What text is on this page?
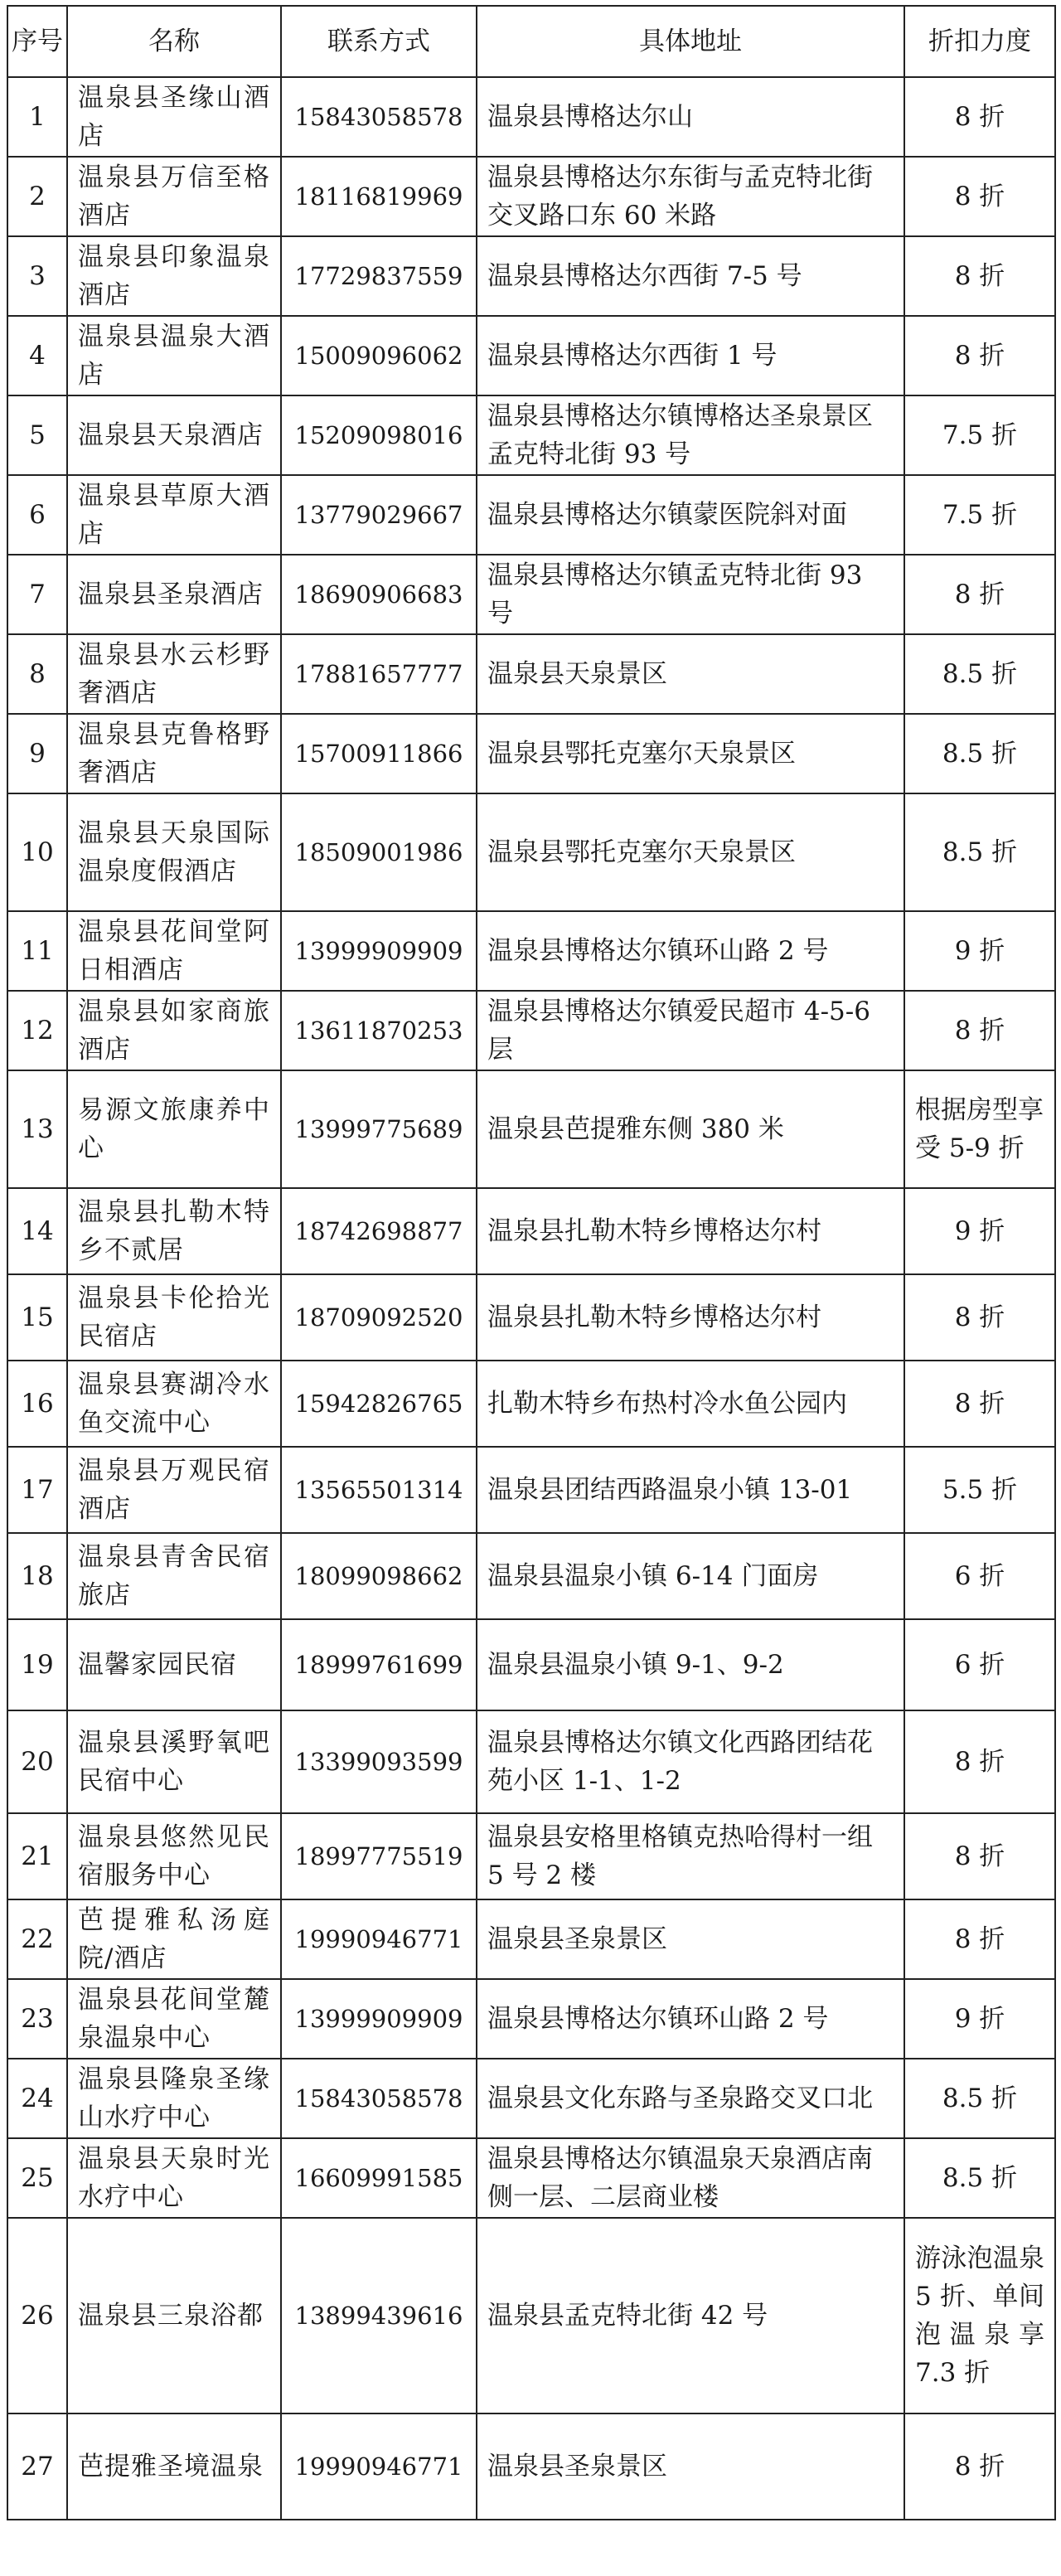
序号	名称	联系方式	具体地址	折扣力度
1	温泉县圣缘山酒店	15843058578	温泉县博格达尔山	8 折
2	温泉县万信至格酒店	18116819969	温泉县博格达尔东街与孟克特北街交叉路口东 60 米路	8 折
3	温泉县印象温泉酒店	17729837559	温泉县博格达尔西街 7-5 号	8 折
4	温泉县温泉大酒店	15009096062	温泉县博格达尔西街 1 号	8 折
5	温泉县天泉酒店	15209098016	温泉县博格达尔镇博格达圣泉景区孟克特北街 93 号	7.5 折
6	温泉县草原大酒店	13779029667	温泉县博格达尔镇蒙医院斜对面	7.5 折
7	温泉县圣泉酒店	18690906683	温泉县博格达尔镇孟克特北街 93 号	8 折
8	温泉县水云杉野奢酒店	17881657777	温泉县天泉景区	8.5 折
9	温泉县克鲁格野奢酒店	15700911866	温泉县鄂托克塞尔天泉景区	8.5 折
10	温泉县天泉国际温泉度假酒店	18509001986	温泉县鄂托克塞尔天泉景区	8.5 折
11	温泉县花间堂阿日相酒店	13999909909	温泉县博格达尔镇环山路 2 号	9 折
12	温泉县如家商旅酒店	13611870253	温泉县博格达尔镇爱民超市 4-5-6 层	8 折
13	易源文旅康养中心	13999775689	温泉县芭提雅东侧 380 米	根据房型享受 5-9 折
14	温泉县扎勒木特乡不贰居	18742698877	温泉县扎勒木特乡博格达尔村	9 折
15	温泉县卡伦拾光民宿店	18709092520	温泉县扎勒木特乡博格达尔村	8 折
16	温泉县赛湖冷水鱼交流中心	15942826765	扎勒木特乡布热村冷水鱼公园内	8 折
17	温泉县万观民宿酒店	13565501314	温泉县团结西路温泉小镇 13-01	5.5 折
18	温泉县青舍民宿旅店	18099098662	温泉县温泉小镇 6-14 门面房	6 折
19	温馨家园民宿	18999761699	温泉县温泉小镇 9-1、9-2	6 折
20	温泉县溪野氧吧民宿中心	13399093599	温泉县博格达尔镇文化西路团结花苑小区 1-1、1-2	8 折
21	温泉县悠然见民宿服务中心	18997775519	温泉县安格里格镇克热哈得村一组 5 号 2 楼	8 折
22	芭提雅私汤庭院/酒店	19990946771	温泉县圣泉景区	8 折
23	温泉县花间堂麓泉温泉中心	13999909909	温泉县博格达尔镇环山路 2 号	9 折
24	温泉县隆泉圣缘山水疗中心	15843058578	温泉县文化东路与圣泉路交叉口北	8.5 折
25	温泉县天泉时光水疗中心	16609991585	温泉县博格达尔镇温泉天泉酒店南侧一层、二层商业楼	8.5 折
26	温泉县三泉浴都	13899439616	温泉县孟克特北街 42 号	游泳泡温泉 5 折、单间泡温泉享 7.3 折
27	芭提雅圣境温泉	19990946771	温泉县圣泉景区	8 折
